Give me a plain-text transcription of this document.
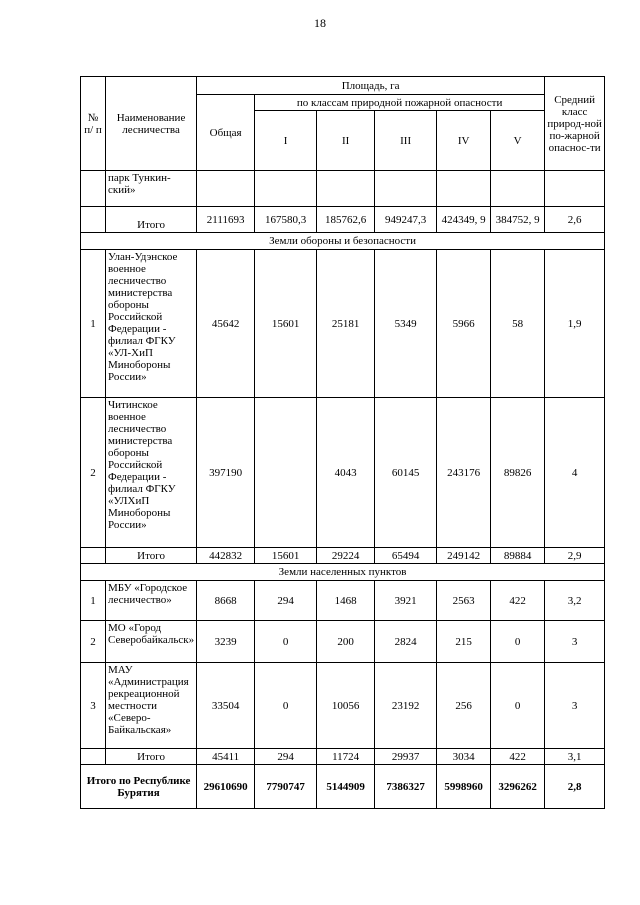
18
№ п/ п	Наименование лесничества	Площадь, га						Средний класс природ-ной по-жарной опаснос-ти
		Общая	по классам природной пожарной опасности					
			I	II	III	IV	V	
	парк Тункин-ский»							
	Итого	2111693	167580,3	185762,6	949247,3	424349, 9	384752, 9	2,6
Земли обороны и безопасности								
1	Улан-Удэнское военное лесничество министерства обороны Российской Федерации - филиал ФГКУ «УЛ-ХиП Минобороны России»	45642	15601	25181	5349	5966	58	1,9
2	Читинское военное лесничество министерства обороны Российской Федерации - филиал ФГКУ «УЛХиП Минобороны России»	397190		4043	60145	243176	89826	4
	Итого	442832	15601	29224	65494	249142	89884	2,9
Земли населенных пунктов								
1	МБУ «Городское лесничество»	8668	294	1468	3921	2563	422	3,2
2	МО «Город Северобайкальск»	3239	0	200	2824	215	0	3
3	МАУ «Администрация рекреационной местности «Северо-Байкальская»	33504	0	10056	23192	256	0	3
	Итого	45411	294	11724	29937	3034	422	3,1
Итого по Республике Бурятия		29610690	7790747	5144909	7386327	5998960	3296262	2,8
